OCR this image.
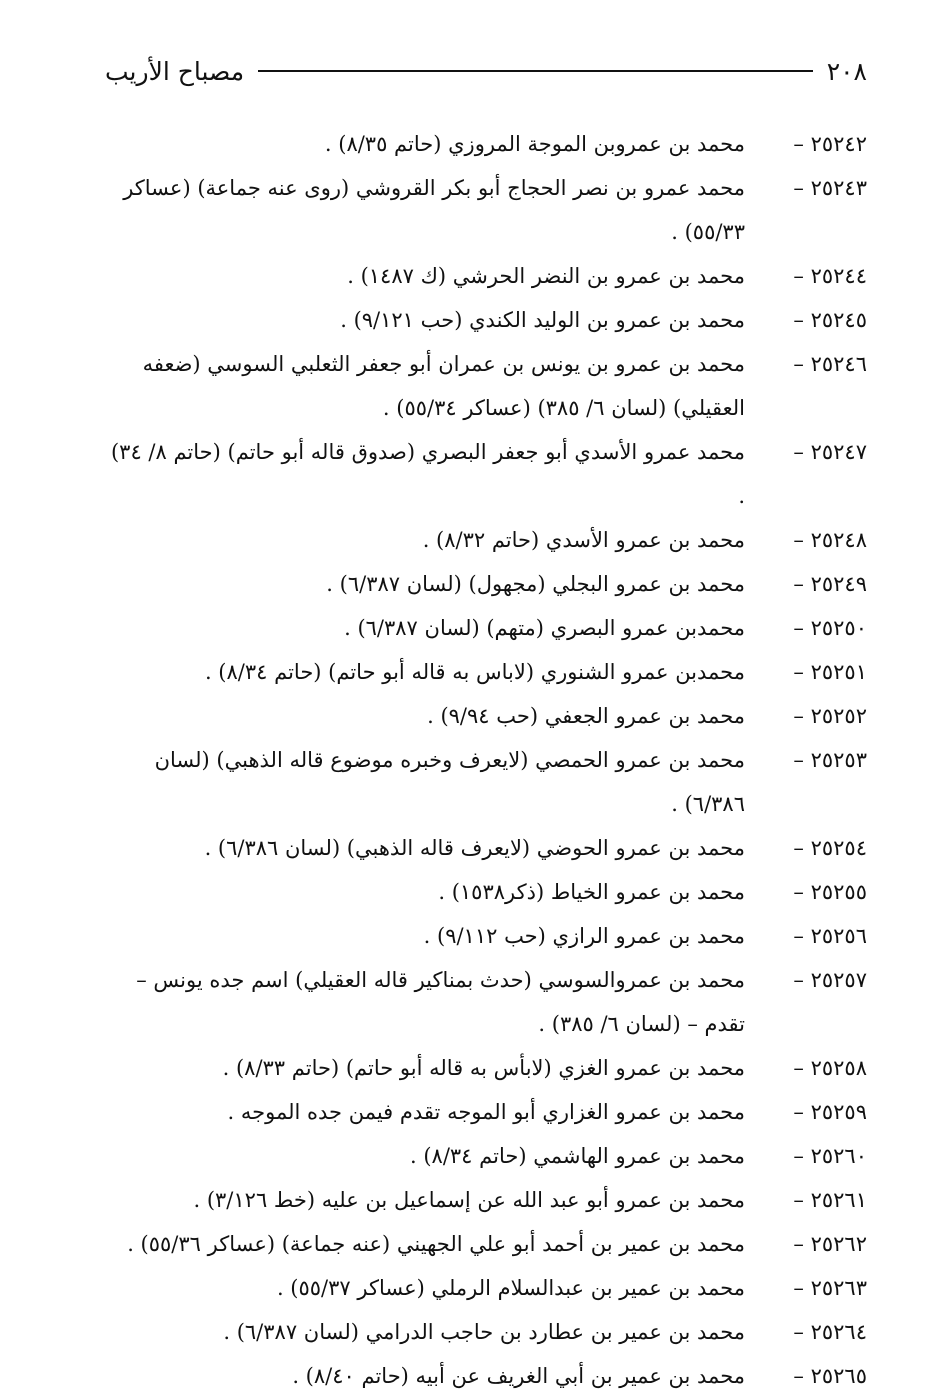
٢٠٨
مصباح الأريب
٢٥٢٤٢ –
محمد بن عمروبن الموجة المروزي (حاتم ٨/٣٥) .
٢٥٢٤٣ –
محمد عمرو بن نصر الحجاج أبو بكر القروشي (روى عنه جماعة) (عساكر ٥٥/٣٣) .
٢٥٢٤٤ –
محمد بن عمرو بن النضر الحرشي (ك ١٤٨٧) .
٢٥٢٤٥ –
محمد بن عمرو بن الوليد الكندي (حب ٩/١٢١) .
٢٥٢٤٦ –
محمد بن عمرو بن يونس بن عمران أبو جعفر الثعلبي السوسي (ضعفه العقيلي) (لسان ٦/ ٣٨٥) (عساكر ٥٥/٣٤) .
٢٥٢٤٧ –
محمد عمرو الأسدي أبو جعفر البصري (صدوق قاله أبو حاتم) (حاتم ٨/ ٣٤) .
٢٥٢٤٨ –
محمد بن عمرو الأسدي (حاتم ٨/٣٢) .
٢٥٢٤٩ –
محمد بن عمرو البجلي (مجهول) (لسان ٦/٣٨٧) .
٢٥٢٥٠ –
محمدبن عمرو البصري (متهم) (لسان ٦/٣٨٧) .
٢٥٢٥١ –
محمدبن عمرو الشنوري (لاباس به قاله أبو حاتم) (حاتم ٨/٣٤) .
٢٥٢٥٢ –
محمد بن عمرو الجعفي (حب ٩/٩٤) .
٢٥٢٥٣ –
محمد بن عمرو الحمصي (لايعرف وخبره موضوع قاله الذهبي) (لسان ٦/٣٨٦) .
٢٥٢٥٤ –
محمد بن عمرو الحوضي (لايعرف قاله الذهبي) (لسان ٦/٣٨٦) .
٢٥٢٥٥ –
محمد بن عمرو الخياط (ذكر١٥٣٨) .
٢٥٢٥٦ –
محمد بن عمرو الرازي (حب ٩/١١٢) .
٢٥٢٥٧ –
محمد بن عمروالسوسي (حدث بمناكير قاله العقيلي) اسم جده يونس – تقدم – (لسان ٦/ ٣٨٥) .
٢٥٢٥٨ –
محمد بن عمرو الغزي (لابأس به قاله أبو حاتم) (حاتم ٨/٣٣) .
٢٥٢٥٩ –
محمد بن عمرو الغزاري أبو الموجه تقدم فيمن جده الموجه .
٢٥٢٦٠ –
محمد بن عمرو الهاشمي (حاتم ٨/٣٤) .
٢٥٢٦١ –
محمد بن عمرو أبو عبد الله عن إسماعيل بن عليه (خط ٣/١٢٦) .
٢٥٢٦٢ –
محمد بن عمير بن أحمد أبو علي الجهيني (عنه جماعة) (عساكر ٥٥/٣٦) .
٢٥٢٦٣ –
محمد بن عمير بن عبدالسلام الرملي (عساكر ٥٥/٣٧) .
٢٥٢٦٤ –
محمد بن عمير بن عطارد بن حاجب الدرامي (لسان ٦/٣٨٧) .
٢٥٢٦٥ –
محمد بن عمير بن أبي الغريف عن أبيه (حاتم ٨/٤٠) .
